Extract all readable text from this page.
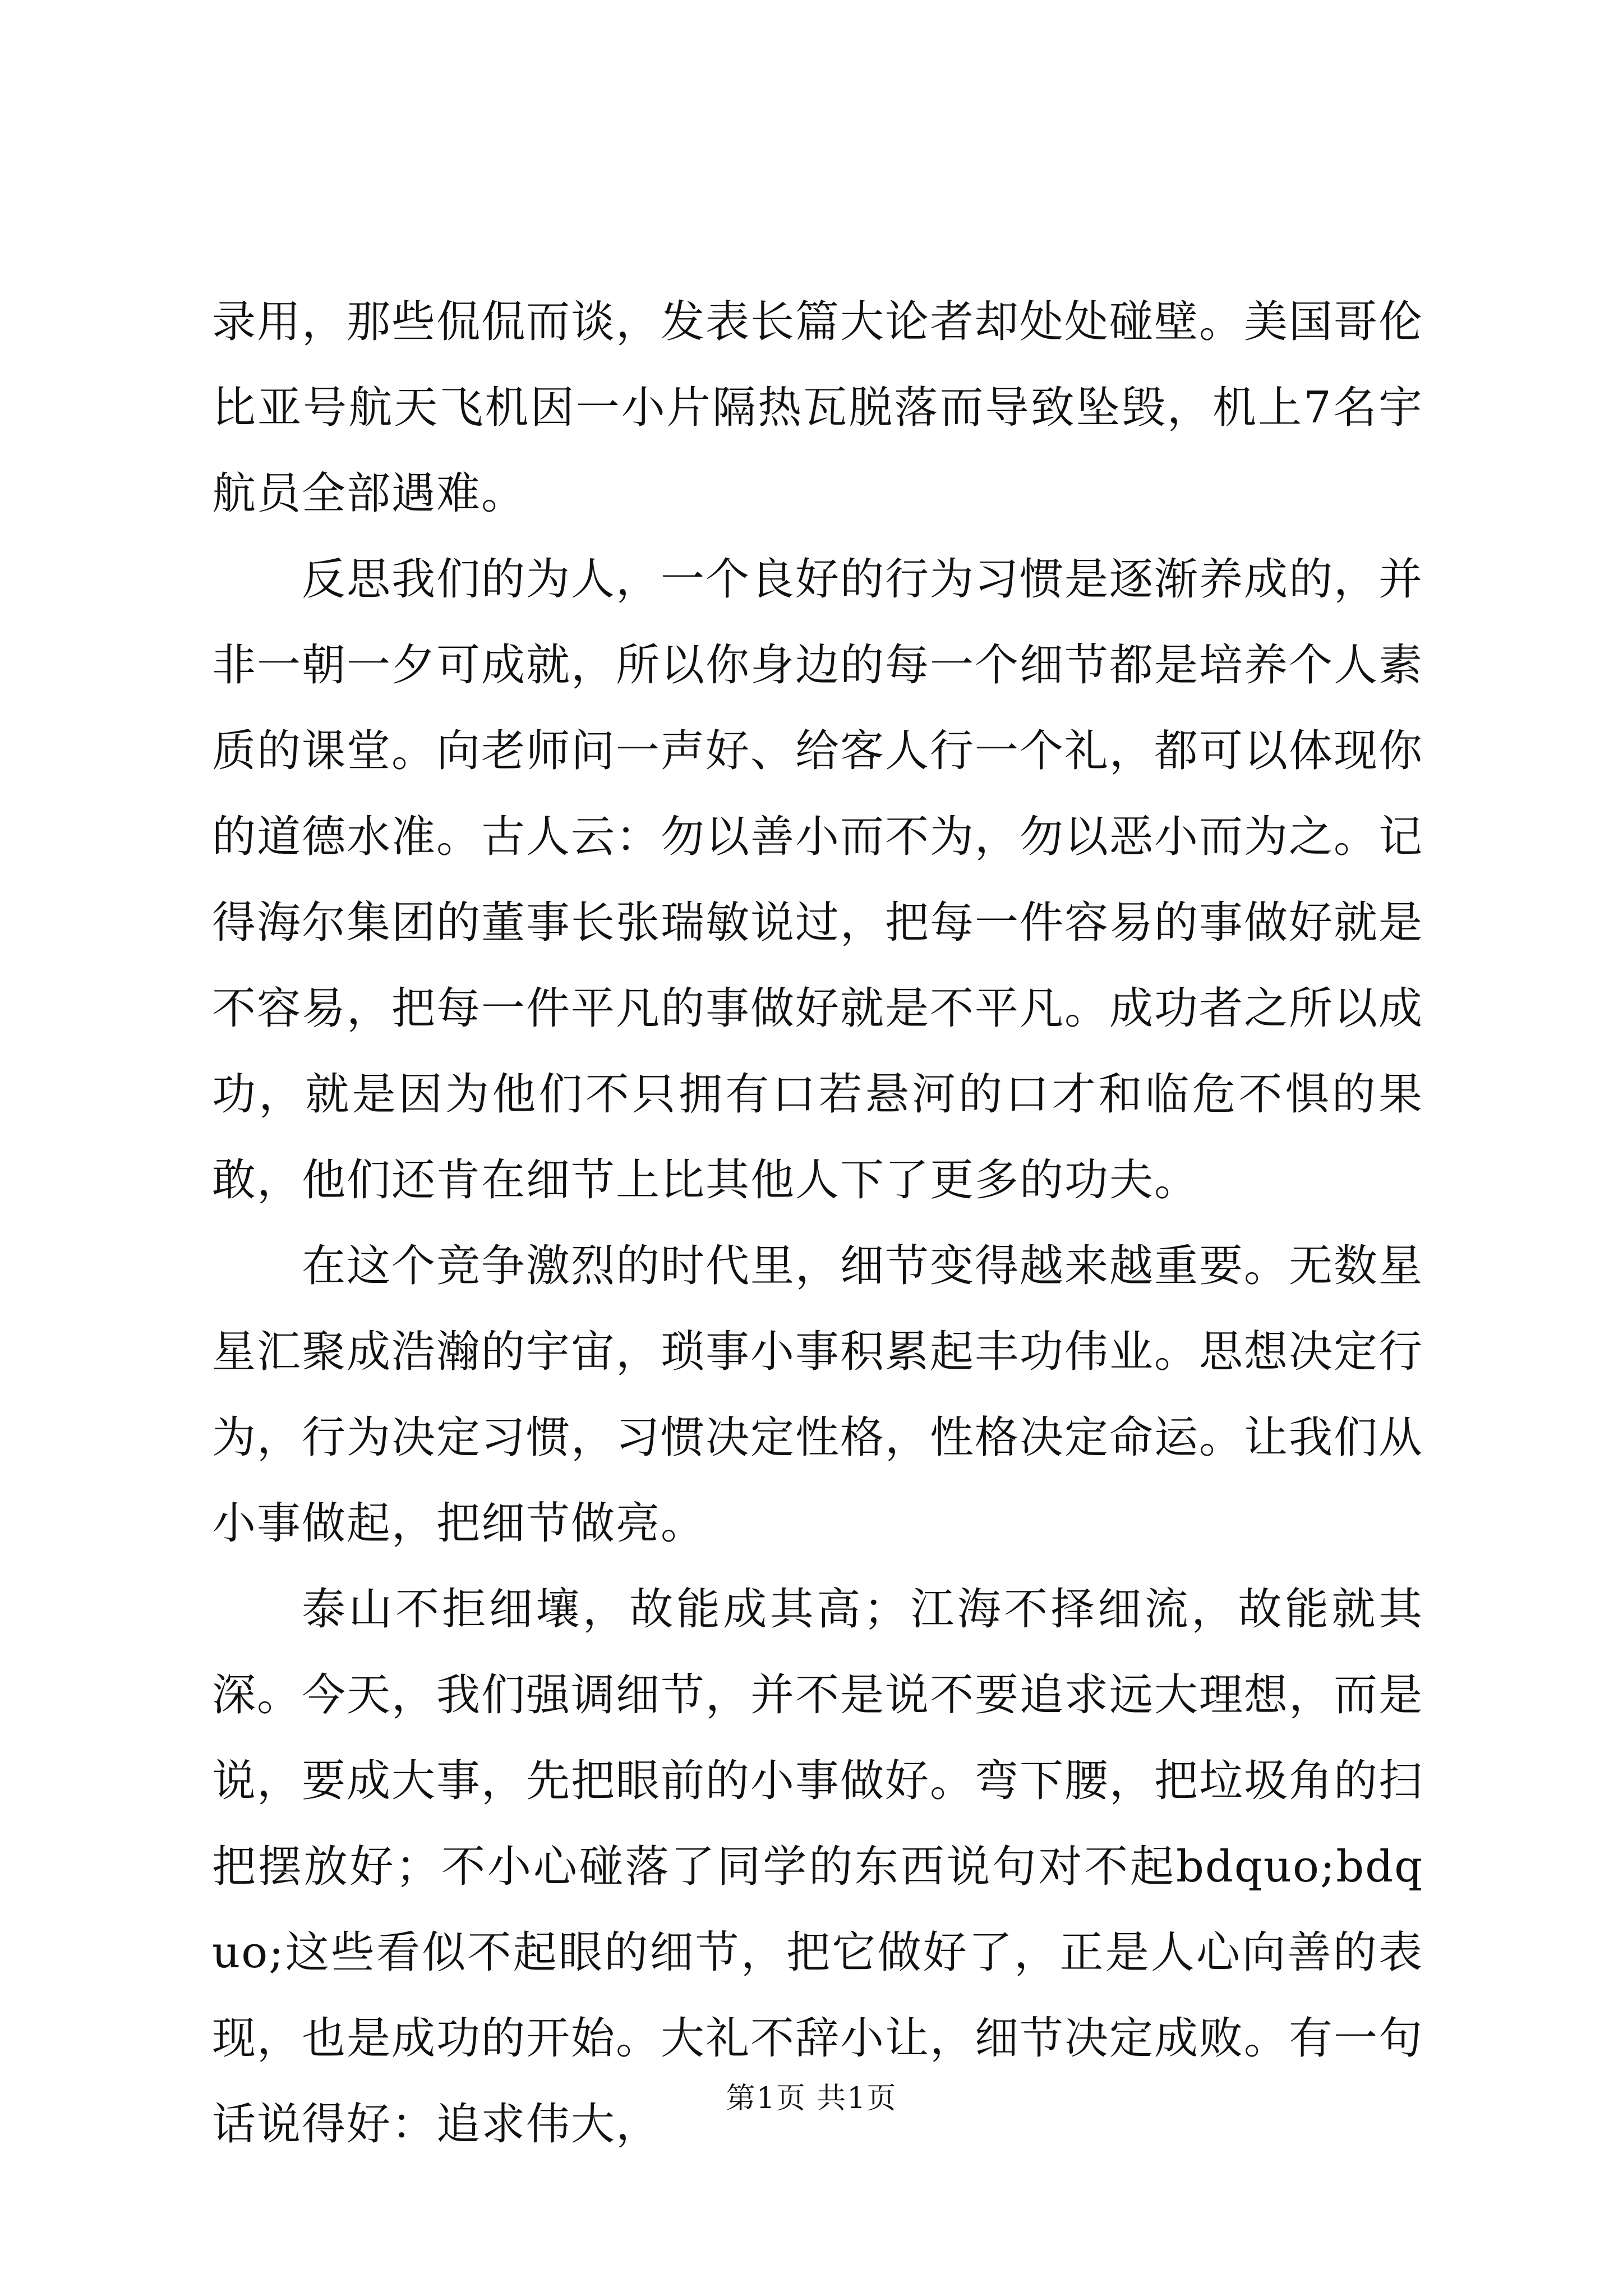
录用，那些侃侃而谈，发表长篇大论者却处处碰壁。美国哥伦比亚号航天飞机因一小片隔热瓦脱落而导致坠毁，机上7名宇航员全部遇难。

反思我们的为人，一个良好的行为习惯是逐渐养成的，并非一朝一夕可成就，所以你身边的每一个细节都是培养个人素质的课堂。向老师问一声好、给客人行一个礼，都可以体现你的道德水准。古人云：勿以善小而不为，勿以恶小而为之。记得海尔集团的董事长张瑞敏说过，把每一件容易的事做好就是不容易，把每一件平凡的事做好就是不平凡。成功者之所以成功，就是因为他们不只拥有口若悬河的口才和临危不惧的果敢，他们还肯在细节上比其他人下了更多的功夫。

在这个竞争激烈的时代里，细节变得越来越重要。无数星星汇聚成浩瀚的宇宙，琐事小事积累起丰功伟业。思想决定行为，行为决定习惯，习惯决定性格，性格决定命运。让我们从小事做起，把细节做亮。

泰山不拒细壤，故能成其高；江海不择细流，故能就其深。今天，我们强调细节，并不是说不要追求远大理想，而是说，要成大事，先把眼前的小事做好。弯下腰，把垃圾角的扫把摆放好；不小心碰落了同学的东西说句对不起bdquo;bdquo;这些看似不起眼的细节，把它做好了，正是人心向善的表现，也是成功的开始。大礼不辞小让，细节决定成败。有一句话说得好：追求伟大，

第1页 共1页
